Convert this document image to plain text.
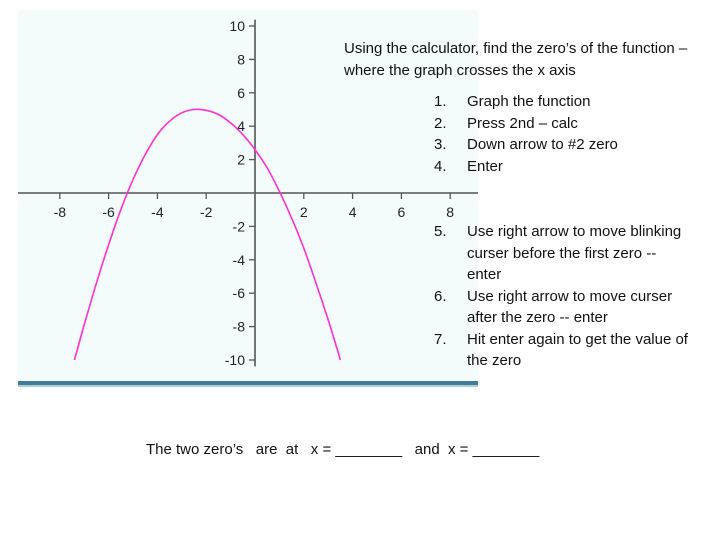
-8	-6	-4	-2	2	4	6	8
10
8
6
4
2
-2
-4
-6
-8
-10
Using the calculator, find the zero’s of the function – where the graph crosses the x axis
1.	Graph the function
2.	Press 2nd – calc
3.	Down arrow to #2 zero
4.	Enter
5.	Use right arrow to move blinking curser before the first zero -- enter
6.	Use right arrow to move curser after the zero -- enter
7.	Hit enter again to get the value of the zero
The two zero’s   are  at   x = ________   and  x = ________
